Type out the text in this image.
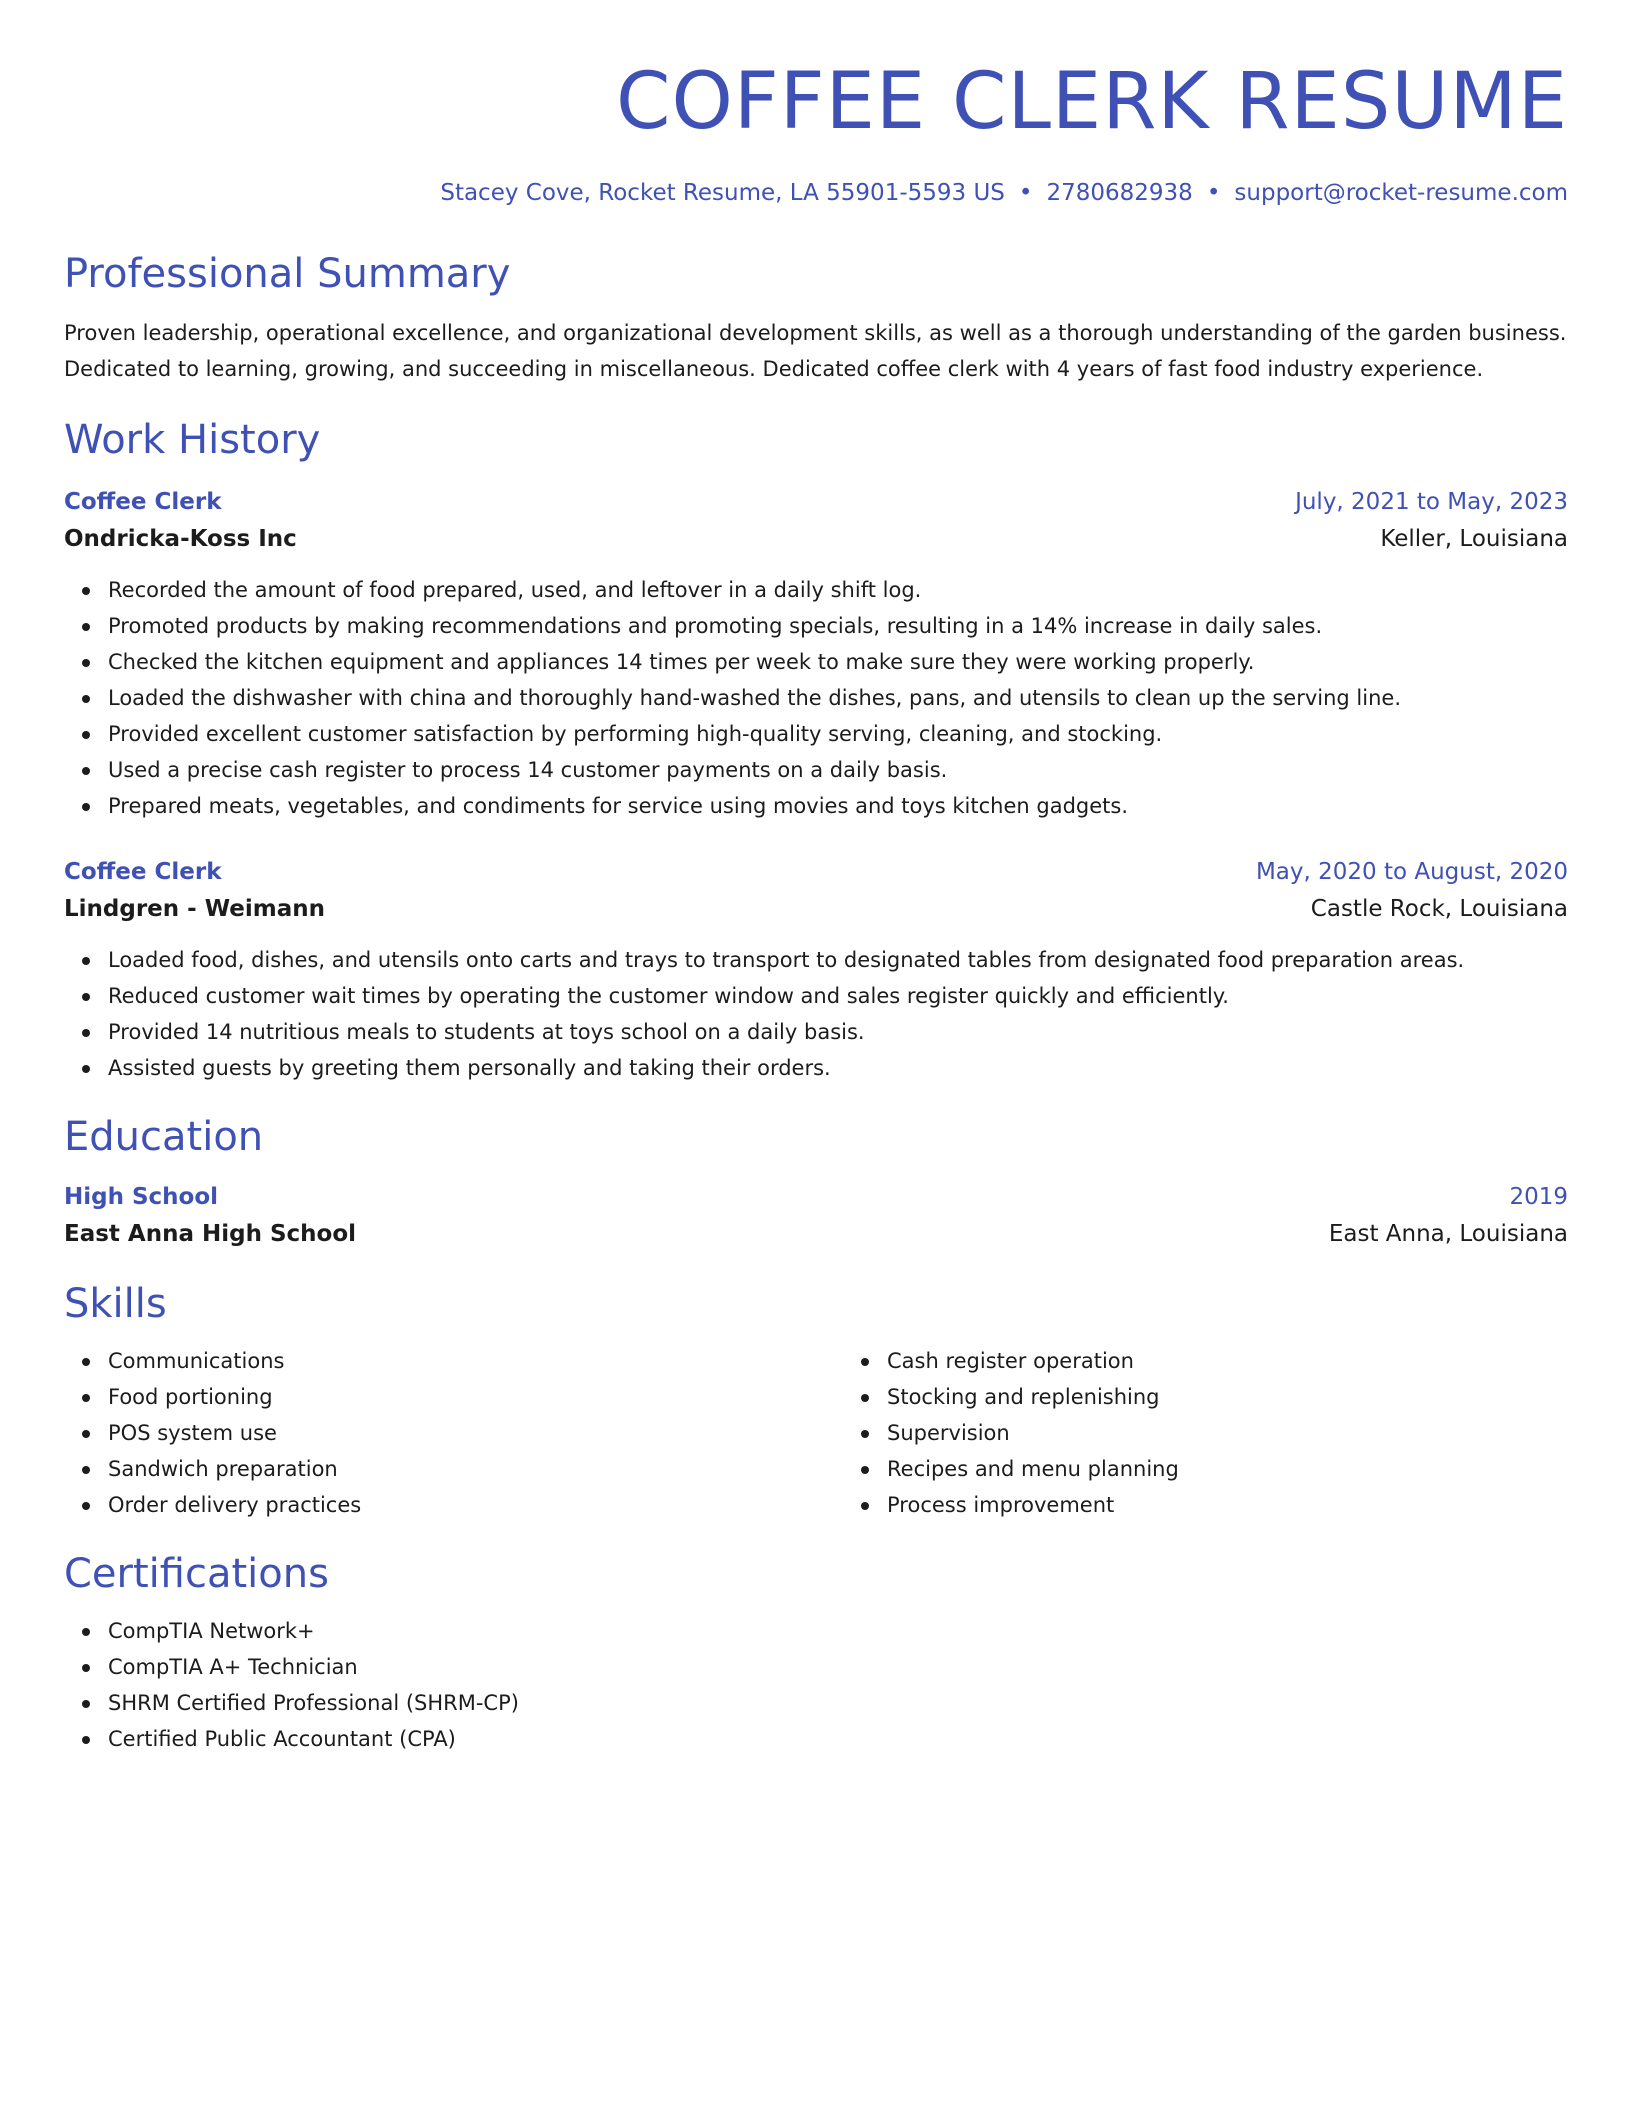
COFFEE CLERK RESUME
Stacey Cove, Rocket Resume, LA 55901-5593 US • 2780682938 • support@rocket-resume.com
Professional Summary
Proven leadership, operational excellence, and organizational development skills, as well as a thorough understanding of the garden business. Dedicated to learning, growing, and succeeding in miscellaneous. Dedicated coffee clerk with 4 years of fast food industry experience.
Work History
Coffee Clerk	July, 2021 to May, 2023
Ondricka-Koss Inc	Keller, Louisiana
Recorded the amount of food prepared, used, and leftover in a daily shift log.
Promoted products by making recommendations and promoting specials, resulting in a 14% increase in daily sales.
Checked the kitchen equipment and appliances 14 times per week to make sure they were working properly.
Loaded the dishwasher with china and thoroughly hand-washed the dishes, pans, and utensils to clean up the serving line.
Provided excellent customer satisfaction by performing high-quality serving, cleaning, and stocking.
Used a precise cash register to process 14 customer payments on a daily basis.
Prepared meats, vegetables, and condiments for service using movies and toys kitchen gadgets.
Coffee Clerk	May, 2020 to August, 2020
Lindgren - Weimann	Castle Rock, Louisiana
Loaded food, dishes, and utensils onto carts and trays to transport to designated tables from designated food preparation areas.
Reduced customer wait times by operating the customer window and sales register quickly and efficiently.
Provided 14 nutritious meals to students at toys school on a daily basis.
Assisted guests by greeting them personally and taking their orders.
Education
High School	2019
East Anna High School	East Anna, Louisiana
Skills
Communications
Food portioning
POS system use
Sandwich preparation
Order delivery practices
Cash register operation
Stocking and replenishing
Supervision
Recipes and menu planning
Process improvement
Certifications
CompTIA Network+
CompTIA A+ Technician
SHRM Certified Professional (SHRM-CP)
Certified Public Accountant (CPA)
